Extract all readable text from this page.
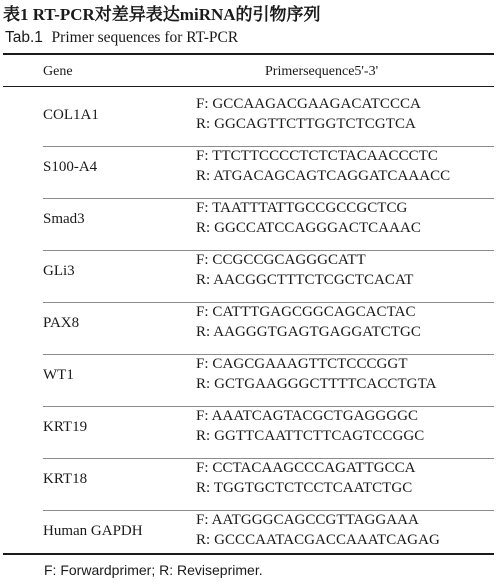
表1 RT-PCR对差异表达miRNA的引物序列
Tab.1 Primer sequences for RT-PCR
Gene	Primersequence5'-3'
COL1A1
F: GCCAAGACGAAGACATCCCA
R: GGCAGTTCTTGGTCTCGTCA
S100-A4
F: TTCTTCCCCTCTCTACAACCCTC
R: ATGACAGCAGTCAGGATCAAACC
Smad3
F: TAATTTATTGCCGCCGCTCG
R: GGCCATCCAGGGACTCAAAC
GLi3
F: CCGCCGCAGGGCATT
R: AACGGCTTTCTCGCTCACAT
PAX8
F: CATTTGAGCGGCAGCACTAC
R: AAGGGTGAGTGAGGATCTGC
WT1
F: CAGCGAAAGTTCTCCCGGT
R: GCTGAAGGGCTTTTCACCTGTA
KRT19
F: AAATCAGTACGCTGAGGGGC
R: GGTTCAATTCTTCAGTCCGGC
KRT18
F: CCTACAAGCCCAGATTGCCA
R: TGGTGCTCTCCTCAATCTGC
Human GAPDH
F: AATGGGCAGCCGTTAGGAAA
R: GCCCAATACGACCAAATCAGAG
F: Forwardprimer; R: Reviseprimer.
